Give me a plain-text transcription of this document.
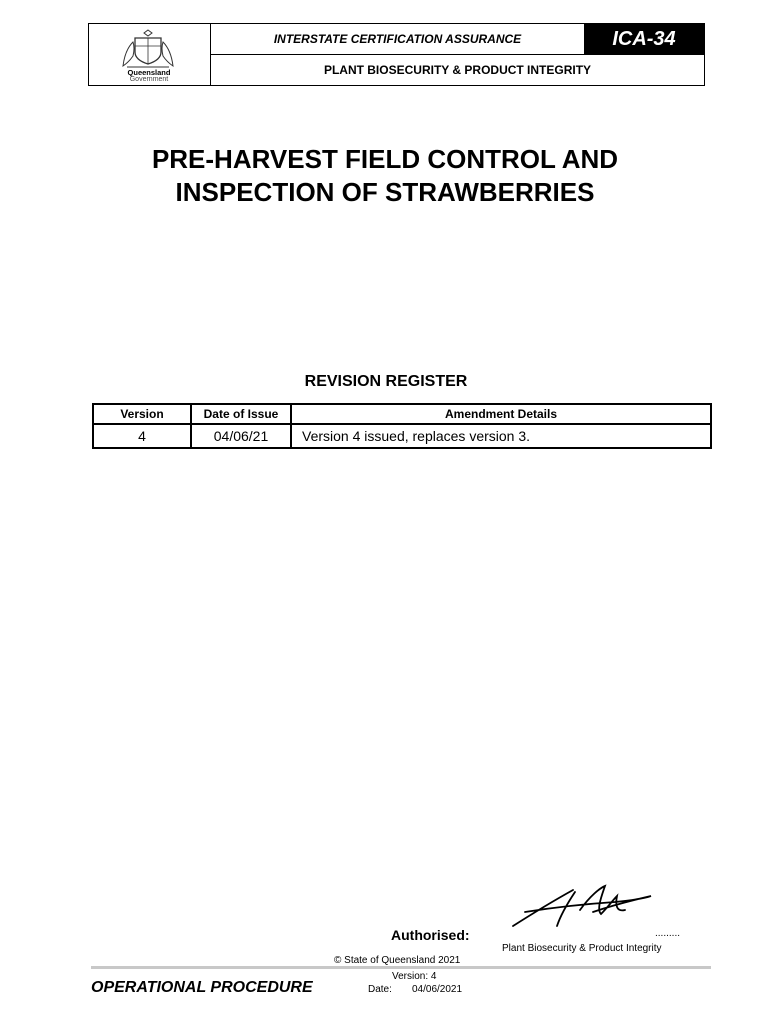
Queensland
Government
INTERSTATE CERTIFICATION ASSURANCE	ICA-34
PLANT BIOSECURITY & PRODUCT INTEGRITY
PRE-HARVEST FIELD CONTROL AND
INSPECTION OF STRAWBERRIES
REVISION REGISTER
Version	Date of Issue	Amendment Details
4	04/06/21	Version 4 issued, replaces version 3.
Authorised:	.........
Plant Biosecurity & Product Integrity
© State of Queensland 2021
OPERATIONAL PROCEDURE
Version: 4
Date: 04/06/2021
